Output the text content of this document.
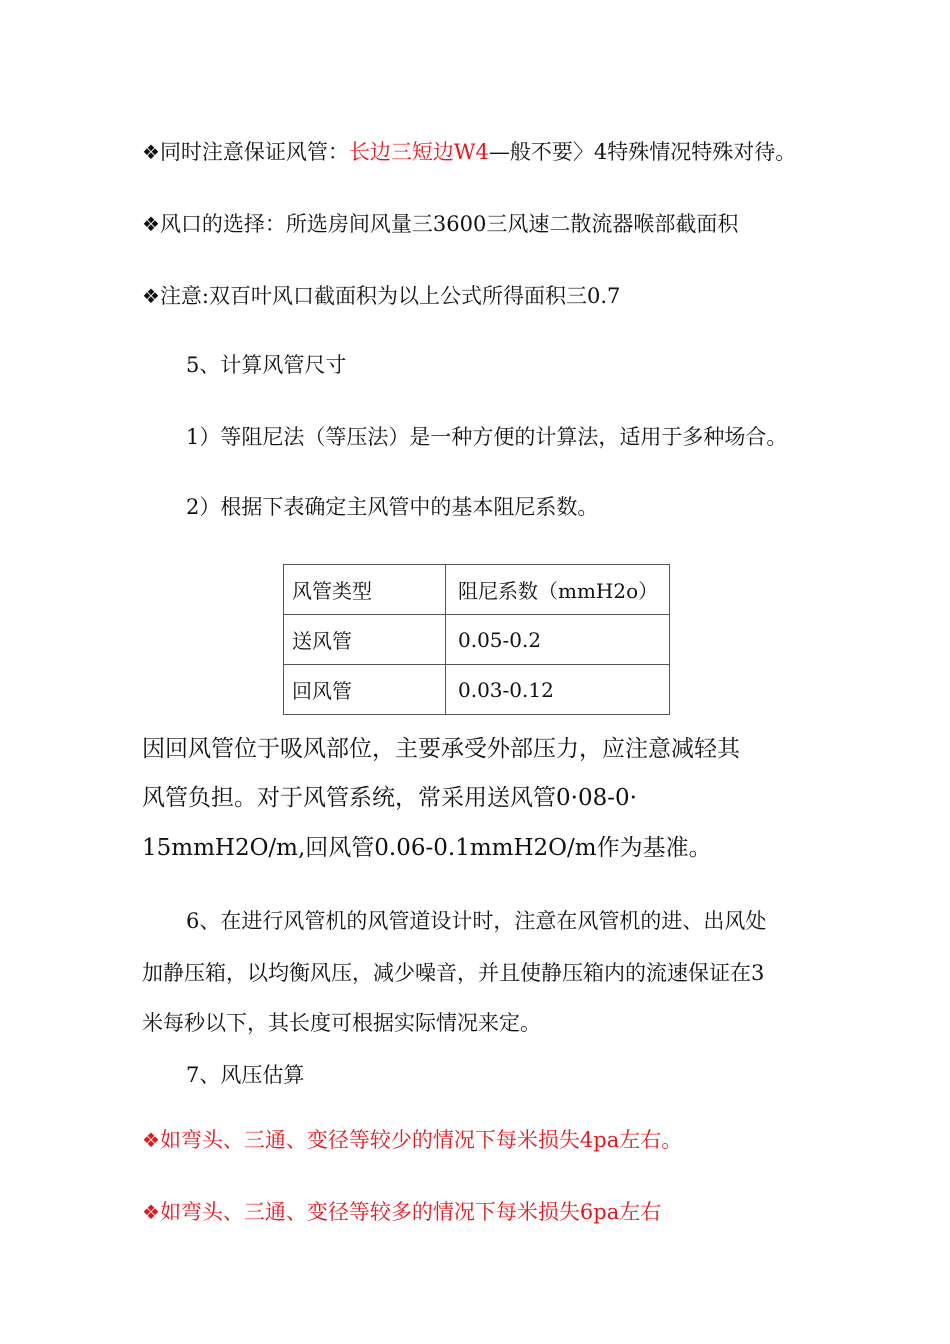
❖同时注意保证风管：长边三短边W4—般不要〉4特殊情况特殊对待。
❖风口的选择：所选房间风量三3600三风速二散流器喉部截面积
❖注意:双百叶风口截面积为以上公式所得面积三0.7
5、计算风管尺寸
1）等阻尼法（等压法）是一种方便的计算法，适用于多种场合。
2）根据下表确定主风管中的基本阻尼系数。
风管类型	阻尼系数（mmH2o）
送风管	0.05-0.2
回风管	0.03-0.12
因回风管位于吸风部位，主要承受外部压力，应注意减轻其
风管负担。对于风管系统，常采用送风管0·08-0·
15mmH2O/m,回风管0.06-0.1mmH2O/m作为基准。
6、在进行风管机的风管道设计时，注意在风管机的进、出风处
加静压箱，以均衡风压，减少噪音，并且使静压箱内的流速保证在3
米每秒以下，其长度可根据实际情况来定。
7、风压估算
❖如弯头、三通、变径等较少的情况下每米损失4pa左右。
❖如弯头、三通、变径等较多的情况下每米损失6pa左右
